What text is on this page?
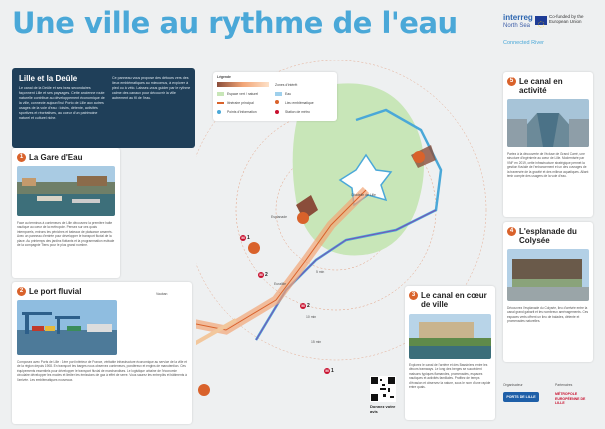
Une ville au rythme de l'eau	interreg
North Sea
Co-funded by the European Union
Connected River
Lille et la Deûle
Le canal de la Deûle et ses bras secondaires façonnent Lille et ses paysages. Cette ancienne route naturelle contribue au développement économique de la ville, connecte aujourd'hui Porto de Lille aux autres usages de la voie d'eau : loisirs, détente, activités sportives et récréatives, au coeur d'un patrimoine naturel et culturel riche.
Ce panneau vous propose des détours vers des lieux emblématiques au miecomus, à explorer à pied ou à vélo. Laissez-vous guider par le rythme calme des canaux pour découvrir la ville autrement au fil de l'eau.
1 La Gare d'Eau
Face au terminus à conteneurs de Lille découvrez la première halte nautique au cœur de la métropole. Pensez sur ces quais intemporels, entrons les péniches et bateaux de plaisance amarrés. Avec un panneau d'entrée pour développer le transport fluvial de la place. Au printemps des jardins flottants et la programmation estivale de la compagnie Tiens pour le plus grand nombre.
2 Le port fluvial
Composez avec Ports de Lille : 1ère port intérieur de France, véritable infrastructure économique au service de la ville et de la région depuis 1908. En transport les barges nous observez conteneurs, pondéreux et engins de manutention. Ces équipements essentiels pour développer le transport fluvial de marchandises. Le logistique urbaine de l'économie circulaire développer les modes et limiter les émissions de gaz à effet de serre. Vous saurez les entrepôts et bâtiments à l'arrivée. Les emblématiques nouveaux.
Citadelle de Lille
5 min
10 min
15 min
M 1
M 2
M 2
M 1
Esplanade
Euralille
Vauban
Légende
Zones d'intérêt
Espace vert / naturel	Eau
Itinéraire principal	Lieu emblématique
Points d'information	Station de métro
Donnez votre avis
3 Le canal en cœur de ville
Explorez le canal de l'arrière et des Bassiniers entre les décors tramways. Le long des berges se succèdent maisons typiques flamandes, promenades, espaces nautiques et activités familiales. Profitez de temps d'évasion et observez la nature, sous le nom d'une rapide entre quais.
5 Le canal en activité
Partez à la découverte de l'écluse de Grand Carré, une structure d'ingénierie au cœur de Lille. Modernisée par VNF en 2019, cette infrastructure stratégique permet la gestion fluviale de l'enhancement et un des ouvrages de la traversée de la gravité et des milieux aquatiques. Allant tenir compte des usagers de la voie d'eau.
4 L'esplanade du Colysée
Découvrez l'esplanade du Colysée, lieu d'arrivée entre la canal grand gabarit et les nombreux aménagements. Ces espaces verts offrent un lieu de balades, détente et promenades naturelles.
Organisateur
PORTS DE LILLE
Partenaires
MÉTROPOLE EUROPÉENNE DE LILLE
